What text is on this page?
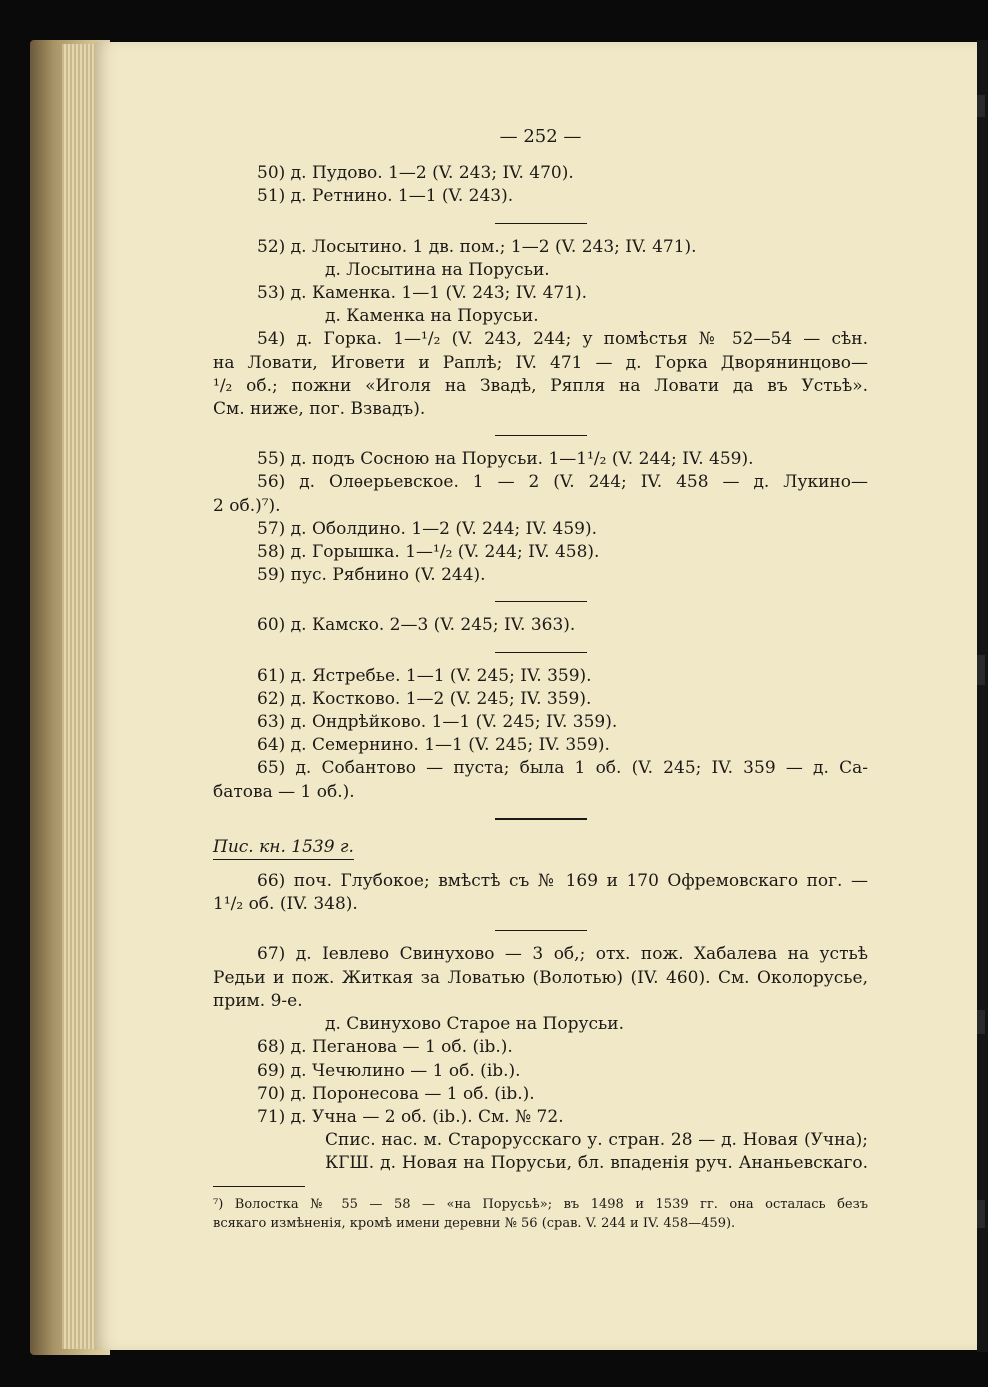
— 252 —
50) д. Пудово. 1—2 (V. 243; IV. 470).
51) д. Ретнино. 1—1 (V. 243).
52) д. Лосытино. 1 дв. пом.; 1—2 (V. 243; IV. 471).
д. Лосытина на Порусьи.
53) д. Каменка. 1—1 (V. 243; IV. 471).
д. Каменка на Порусьи.
54) д. Горка. 1—¹/₂ (V. 243, 244; у помѣстья № 52—54 — сѣн.
на Ловати, Иговети и Раплѣ; IV. 471 — д. Горка Дворянинцово—
¹/₂ об.; пожни «Иголя на Звадѣ, Ряпля на Ловати да въ Устьѣ».
См. ниже, пог. Взвадъ).
55) д. подъ Сосною на Порусьи. 1—1¹/₂ (V. 244; IV. 459).
56) д. Олѳерьевское. 1 — 2 (V. 244; IV. 458 — д. Лукино—
2 об.)⁷).
57) д. Оболдино. 1—2 (V. 244; IV. 459).
58) д. Горышка. 1—¹/₂ (V. 244; IV. 458).
59) пус. Рябнино (V. 244).
60) д. Камско. 2—3 (V. 245; IV. 363).
61) д. Ястребье. 1—1 (V. 245; IV. 359).
62) д. Костково. 1—2 (V. 245; IV. 359).
63) д. Ондрѣйково. 1—1 (V. 245; IV. 359).
64) д. Семернино. 1—1 (V. 245; IV. 359).
65) д. Собантово — пуста; была 1 об. (V. 245; IV. 359 — д. Са-
батова — 1 об.).
Пис. кн. 1539 г.
66) поч. Глубокое; вмѣстѣ съ № 169 и 170 Офремовскаго пог. —
1¹/₂ об. (IV. 348).
67) д. Іевлево Свинухово — 3 об,; отх. пож. Хабалева на устьѣ
Редьи и пож. Житкая за Ловатью (Волотью) (IV. 460). См. Околорусье,
прим. 9-е.
д. Свинухово Старое на Порусьи.
68) д. Пеганова — 1 об. (ib.).
69) д. Чечюлино — 1 об. (ib.).
70) д. Поронесова — 1 об. (ib.).
71) д. Учна — 2 об. (ib.). См. № 72.
Спис. нас. м. Старорусскаго у. стран. 28 — д. Новая (Учна);
КГШ. д. Новая на Порусьи, бл. впаденія руч. Ананьевскаго.
⁷) Волостка № 55 — 58 — «на Порусьѣ»; въ 1498 и 1539 гг. она осталась безъ
всякаго измѣненія, кромѣ имени деревни № 56 (срав. V. 244 и IV. 458—459).
